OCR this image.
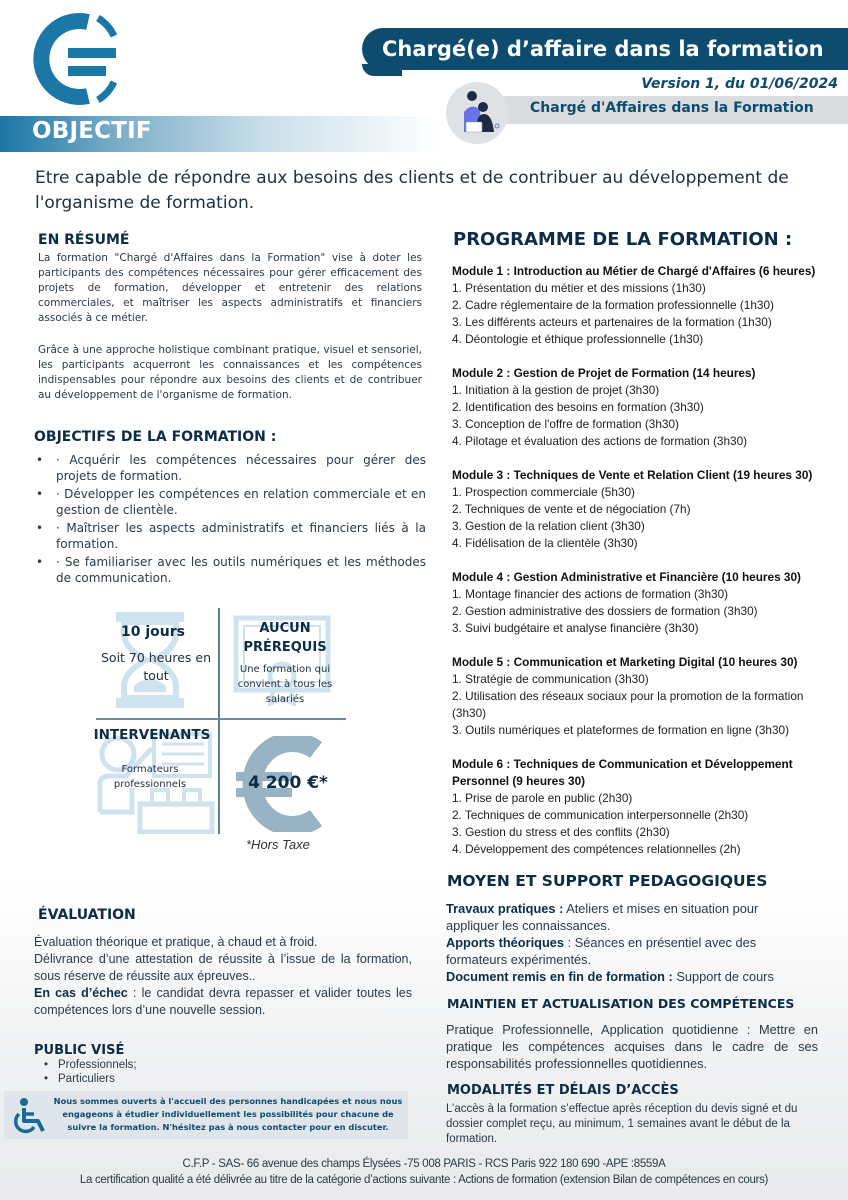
Chargé(e) d’affaire dans la formation
Version 1, du 01/06/2024
Chargé d'Affaires dans la Formation
OBJECTIF
Etre capable de répondre aux besoins des clients et de contribuer au développement de l'organisme de formation.
EN RÉSUMÉ
La formation "Chargé d'Affaires dans la Formation" vise à doter les participants des compétences nécessaires pour gérer efficacement des projets de formation, développer et entretenir des relations commerciales, et maîtriser les aspects administratifs et financiers associés à ce métier.
Grâce à une approche holistique combinant pratique, visuel et sensoriel, les participants acquerront les connaissances et les compétences indispensables pour répondre aux besoins des clients et de contribuer au développement de l'organisme de formation.
OBJECTIFS DE LA FORMATION :
• · Acquérir les compétences nécessaires pour gérer des projets de formation.
• · Développer les compétences en relation commerciale et en gestion de clientèle.
• · Maîtriser les aspects administratifs et financiers liés à la formation.
• · Se familiariser avec les outils numériques et les méthodes de communication.
10 jours
Soit 70 heures en tout
AUCUN
PRÉREQUIS
Une formation qui convient à tous les salariés
INTERVENANTS
Formateurs professionnels	4 200 €*
*Hors Taxe
ÉVALUATION
Évaluation théorique et pratique, à chaud et à froid.
Délivrance d’une attestation de réussite à l’issue de la formation, sous réserve de réussite aux épreuves..
En cas d’échec : le candidat devra repasser et valider toutes les compétences lors d’une nouvelle session.
PUBLIC VISÉ
• Professionnels;
• Particuliers
Nous sommes ouverts à l'accueil des personnes handicapées et nous nous engageons à étudier individuellement les possibilités pour chacune de suivre la formation. N'hésitez pas à nous contacter pour en discuter.
PROGRAMME DE LA FORMATION :
Module 1 : Introduction au Métier de Chargé d'Affaires (6 heures)
1. Présentation du métier et des missions (1h30)
2. Cadre réglementaire de la formation professionnelle (1h30)
3. Les différents acteurs et partenaires de la formation (1h30)
4. Déontologie et éthique professionnelle (1h30)
Module 2 : Gestion de Projet de Formation (14 heures)
1. Initiation à la gestion de projet (3h30)
2. Identification des besoins en formation (3h30)
3. Conception de l'offre de formation (3h30)
4. Pilotage et évaluation des actions de formation (3h30)
Module 3 : Techniques de Vente et Relation Client (19 heures 30)
1. Prospection commerciale (5h30)
2. Techniques de vente et de négociation (7h)
3. Gestion de la relation client (3h30)
4. Fidélisation de la clientèle (3h30)
Module 4 : Gestion Administrative et Financière (10 heures 30)
1. Montage financier des actions de formation (3h30)
2. Gestion administrative des dossiers de formation (3h30)
3. Suivi budgétaire et analyse financière (3h30)
Module 5 : Communication et Marketing Digital (10 heures 30)
1. Stratégie de communication (3h30)
2. Utilisation des réseaux sociaux pour la promotion de la formation (3h30)
3. Outils numériques et plateformes de formation en ligne (3h30)
Module 6 : Techniques de Communication et Développement Personnel (9 heures 30)
1. Prise de parole en public (2h30)
2. Techniques de communication interpersonnelle (2h30)
3. Gestion du stress et des conflits (2h30)
4. Développement des compétences relationnelles (2h)
MOYEN ET SUPPORT PEDAGOGIQUES
Travaux pratiques : Ateliers et mises en situation pour appliquer les connaissances.
Apports théoriques : Séances en présentiel avec des formateurs expérimentés.
Document remis en fin de formation : Support de cours
MAINTIEN ET ACTUALISATION DES COMPÉTENCES
Pratique Professionnelle, Application quotidienne : Mettre en pratique les compétences acquises dans le cadre de ses responsabilités professionnelles quotidiennes.
MODALITÉS ET DÉLAIS D’ACCÈS
L’accès à la formation s’effectue après réception du devis signé et du dossier complet reçu, au minimum, 1 semaines avant le début de la formation.
C.F.P - SAS- 66 avenue des champs Élysées -75 008 PARIS - RCS Paris 922 180 690 -APE :8559A
La certification qualité a été délivrée au titre de la catégorie d’actions suivante : Actions de formation (extension Bilan de compétences en cours)
